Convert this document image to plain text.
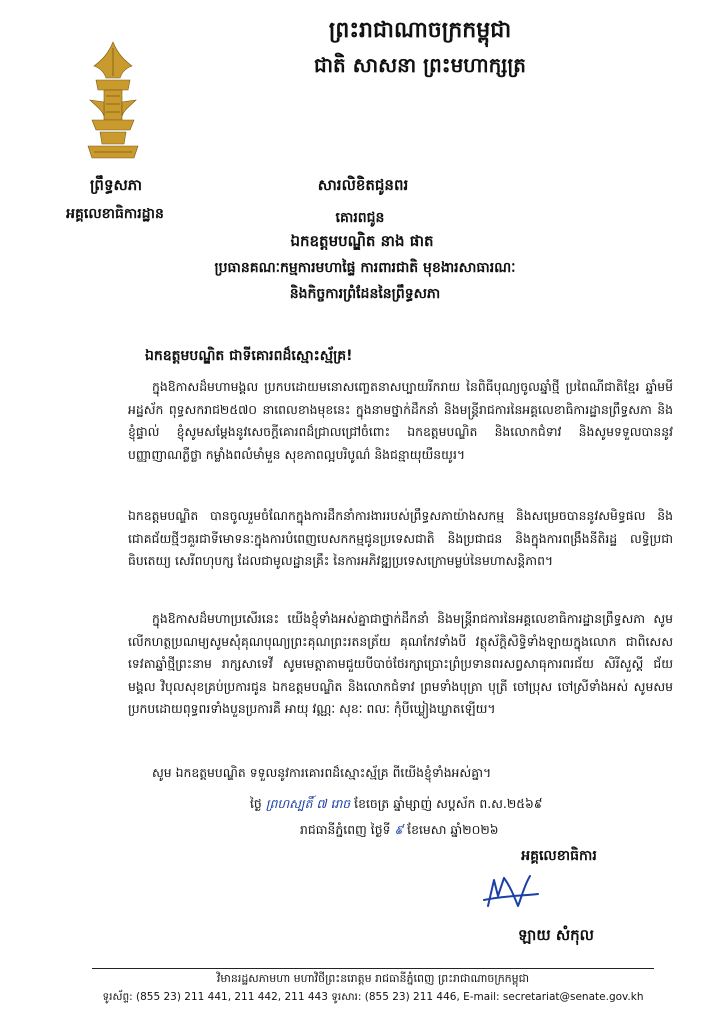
ព្រះរាជាណាចក្រកម្ពុជា
ជាតិ សាសនា ព្រះមហាក្សត្រ
ព្រឹទ្ធសភា
អគ្គលេខាធិការដ្ឋាន
សារលិខិតជូនពរ
គោរពជូន
ឯកឧត្តមបណ្ឌិត នាង ផាត
ប្រធានគណៈកម្មការមហាផ្ទៃ ការពារជាតិ មុខងារសាធារណៈ
និងកិច្ចការព្រំដែននៃព្រឹទ្ធសភា
ឯកឧត្តមបណ្ឌិត ជាទីគោរពដ៏ស្មោះស្ម័គ្រ!
ក្នុងឱកាសដ៏មហាមង្គល ប្រកបដោយមនោសញ្ចេតនាសប្បាយរីករាយ នៃពិធីបុណ្យចូលឆ្នាំថ្មី ប្រពៃណីជាតិខ្មែរ ឆ្នាំមមី អដ្ឋស័ក ពុទ្ធសករាជ២៥៧០ នាពេលខាងមុខនេះ ក្នុងនាមថ្នាក់ដឹកនាំ និងមន្ត្រីរាជការនៃអគ្គលេខាធិការដ្ឋានព្រឹទ្ធសភា និងខ្ញុំផ្ទាល់ ខ្ញុំសូមសម្តែងនូវសេចក្តីគោរពដ៏ជ្រាលជ្រៅចំពោះ ឯកឧត្តមបណ្ឌិត និងលោកជំទាវ និងសូមទទួលបាននូវបញ្ញាញាណភ្លឺថ្លា កម្លាំងពលំមាំមួន សុខភាពល្អបរិបូណ៌ និងជន្មាយុយឺនយូរ។
ឯកឧត្តមបណ្ឌិត បានចូលរួមចំណែកក្នុងការដឹកនាំការងាររបស់ព្រឹទ្ធសភាយ៉ាងសកម្ម និងសម្រេចបាននូវសមិទ្ធផល និងជោគជ័យថ្មីៗគួរជាទីមោទនៈក្នុងការបំពេញបេសកកម្មជូនប្រទេសជាតិ និងប្រជាជន និងក្នុងការពង្រឹងនីតិរដ្ឋ លទ្ធិប្រជាធិបតេយ្យ សេរីពហុបក្ស ដែលជាមូលដ្ឋានគ្រឹះ នៃការអភិវឌ្ឍប្រទេសក្រោមម្លប់នៃមហាសន្តិភាព។
ក្នុងឱកាសដ៏មហាប្រសើរនេះ យើងខ្ញុំទាំងអស់គ្នាជាថ្នាក់ដឹកនាំ និងមន្ត្រីរាជការនៃអគ្គលេខាធិការដ្ឋានព្រឹទ្ធសភា សូមលើកហត្ថប្រណម្យសូមសុំគុណបុណ្យព្រះគុណព្រះរតនត្រ័យ គុណកែវទាំងបី វត្ថុស័ក្តិសិទ្ធិទាំងឡាយក្នុងលោក ជាពិសេសទេវតាឆ្នាំថ្មីព្រះនាម រាក្សសាទេវី សូមមេត្តាតាមជួយបីបាច់ថែរក្សាប្រោះព្រំប្រទានពរសព្វសាធុការពរជ័យ សិរីសួស្តី ជ័យមង្គល វិបុលសុខគ្រប់ប្រការជូន ឯកឧត្តមបណ្ឌិត និងលោកជំទាវ ព្រមទាំងបុត្រា បុត្រី ចៅប្រុស ចៅស្រីទាំងអស់ សូមសមប្រកបដោយពុទ្ធពរទាំងបួនប្រការគឺ អាយុ វណ្ណៈ សុខៈ ពលៈ កុំបីឃ្លៀងឃ្លាតឡើយ។
សូម ឯកឧត្តមបណ្ឌិត ទទួលនូវការគោរពដ៏ស្មោះស្ម័គ្រ ពីយើងខ្ញុំទាំងអស់គ្នា។
ថ្ងៃ ព្រហស្បតិ៍ ៧ រោច ខែចេត្រ ឆ្នាំម្សាញ់ សប្តស័ក ព.ស.២៥៦៩
រាជធានីភ្នំពេញ ថ្ងៃទី ៩ ខែមេសា ឆ្នាំ២០២៦
អគ្គលេខាធិការ
ឡាយ សំកុល
វិមានរដ្ឋសភាមហា មហាវិថីព្រះនរោត្តម រាជធានីភ្នំពេញ ព្រះរាជាណាចក្រកម្ពុជា
ទូរស័ព្ទ: (855 23) 211 441, 211 442, 211 443 ទូរសារ: (855 23) 211 446, E-mail: secretariat@senate.gov.kh
